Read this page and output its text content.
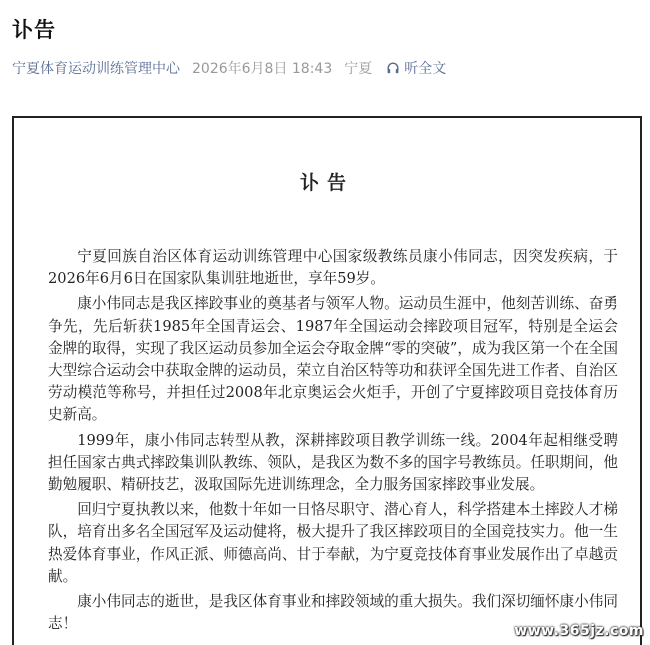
讣告
宁夏体育运动训练管理中心 2026年6月8日 18:43 宁夏 听全文
讣告

宁夏回族自治区体育运动训练管理中心国家级教练员康小伟同志，因突发疾病，于2026年6月6日在国家队集训驻地逝世，享年59岁。

康小伟同志是我区摔跤事业的奠基者与领军人物。运动员生涯中，他刻苦训练、奋勇争先，先后斩获1985年全国青运会、1987年全国运动会摔跤项目冠军，特别是全运会金牌的取得，实现了我区运动员参加全运会夺取金牌“零的突破”，成为我区第一个在全国大型综合运动会中获取金牌的运动员，荣立自治区特等功和获评全国先进工作者、自治区劳动模范等称号，并担任过2008年北京奥运会火炬手，开创了宁夏摔跤项目竞技体育历史新高。

1999年，康小伟同志转型从教，深耕摔跤项目教学训练一线。2004年起相继受聘担任国家古典式摔跤集训队教练、领队，是我区为数不多的国字号教练员。任职期间，他勤勉履职、精研技艺，汲取国际先进训练理念，全力服务国家摔跤事业发展。

回归宁夏执教以来，他数十年如一日恪尽职守、潜心育人，科学搭建本土摔跤人才梯队，培育出多名全国冠军及运动健将，极大提升了我区摔跤项目的全国竞技实力。他一生热爱体育事业，作风正派、师德高尚、甘于奉献，为宁夏竞技体育事业发展作出了卓越贡献。

康小伟同志的逝世，是我区体育事业和摔跤领域的重大损失。我们深切缅怀康小伟同志！	www.365jz.com
